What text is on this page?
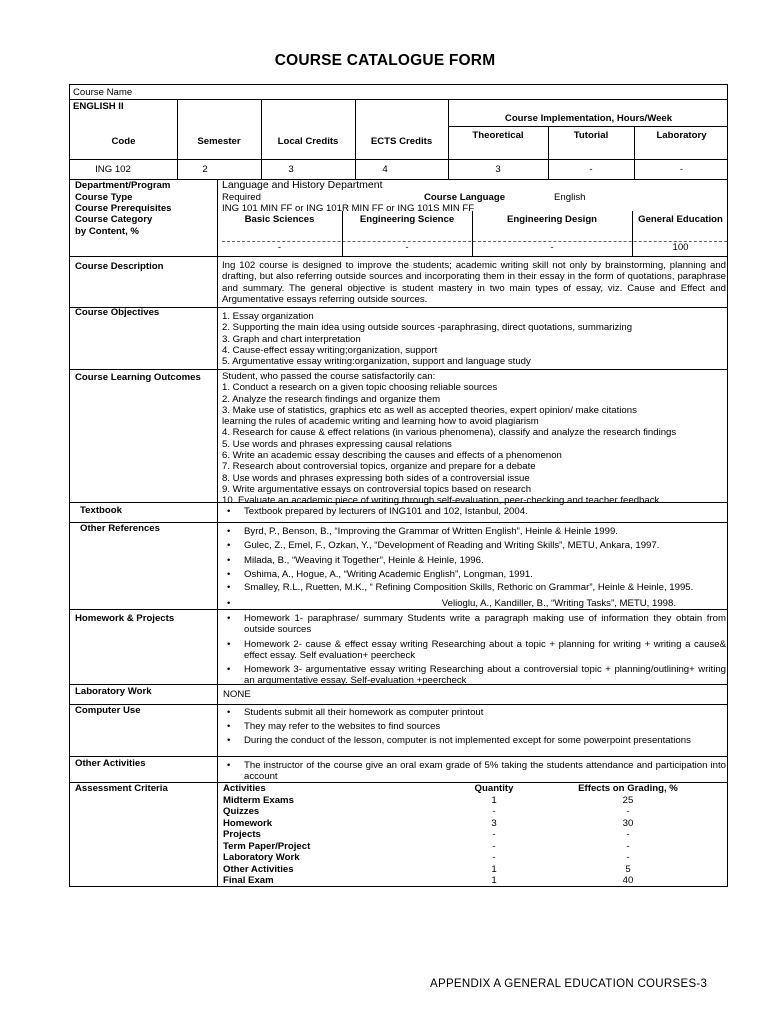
COURSE CATALOGUE FORM
Course Name
ENGLISH II
Course Implementation, Hours/Week
Code	Semester	Local Credits	ECTS Credits
Theoretical	Tutorial	Laboratory
ING 102	2	3	4	3	-	-
Department/Program	Language and History Department
Course Type	Required	Course Language	English
Course Prerequisites	ING 101 MIN FF or ING 101R MIN FF or ING 101S MIN FF
Course Category
by Content, %
Basic Sciences	Engineering Science	Engineering Design	General Education
-	-	-	100
Course Description	Ing 102 course is designed to improve the students; academic writing skill not only by brainstorming, planning and drafting, but also referring outside sources and incorporating them in their essay in the form of quotations, paraphrase and summary. The general objective is student mastery in two main types of essay, viz. Cause and Effect and Argumentative essays referring outside sources.
Course Objectives	1. Essay organization
2. Supporting the main idea using outside sources -paraphrasing, direct quotations, summarizing
3. Graph and chart interpretation
4. Cause-effect essay writing;organization, support
5. Argumentative essay writing:organization, support and language study
Course Learning Outcomes Student, who passed the course satisfactorily can:
1. Conduct a research on a given topic choosing reliable sources
2. Analyze the research findings and organize them
3. Make use of statistics, graphics etc as well as accepted theories, expert opinion/ make citations
learning the rules of academic writing and learning how to avoid plagiarism
4. Research for cause & effect relations (in various phenomena), classify and analyze the research findings
5. Use words and phrases expressing causal relations
6. Write an academic essay describing the causes and effects of a phenomenon
7. Research about controversial topics, organize and prepare for a debate
8. Use words and phrases expressing both sides of a controversial issue
9. Write argumentative essays on controversial topics based on research
10. Evaluate an academic piece of writing through self-evaluation, peer-checking and teacher feedback
Textbook	• Textbook prepared by lecturers of ING101 and 102, Istanbul, 2004.
Other References	• Byrd, P., Benson, B., “Improving the Grammar of Written English”, Heinle & Heinle 1999.
• Gulec, Z., Emel, F., Ozkan, Y., “Development of Reading and Writing Skills”, METU, Ankara, 1997.
• Milada, B., “Weaving it Together”, Heinle & Heinle, 1996.
• Oshima, A., Hogue, A., “Writing Academic English”, Longman, 1991.
• Smalley, R.L., Ruetten, M.K., “ Refining Composition Skills, Rethoric on Grammar”, Heinle & Heinle, 1995.
•	Velioglu, A., Kandiller, B., “Writing Tasks”, METU, 1998.
Homework & Projects	• Homework 1- paraphrase/ summary Students write a paragraph making use of information they obtain from outside sources
• Homework 2- cause & effect essay writing Researching about a topic + planning for writing + writing a cause& effect essay. Self evaluation+ peercheck
• Homework 3- argumentative essay writing Researching about a controversial topic + planning/outlining+ writing an argumentative essay. Self-evaluation +peercheck
Laboratory Work	NONE
Computer Use	• Students submit all their homework as computer printout
• They may refer to the websites to find sources
• During the conduct of the lesson, computer is not implemented except for some powerpoint presentations
Other Activities	• The instructor of the course give an oral exam grade of 5% taking the students attendance and participation into account
Assessment Criteria	Activities	Quantity	Effects on Grading, %
Midterm Exams	1	25
Quizzes	-	-
Homework	3	30
Projects	-	-
Term Paper/Project	-	-
Laboratory Work	-	-
Other Activities	1	5
Final Exam	1	40
APPENDIX A GENERAL EDUCATION COURSES-3
